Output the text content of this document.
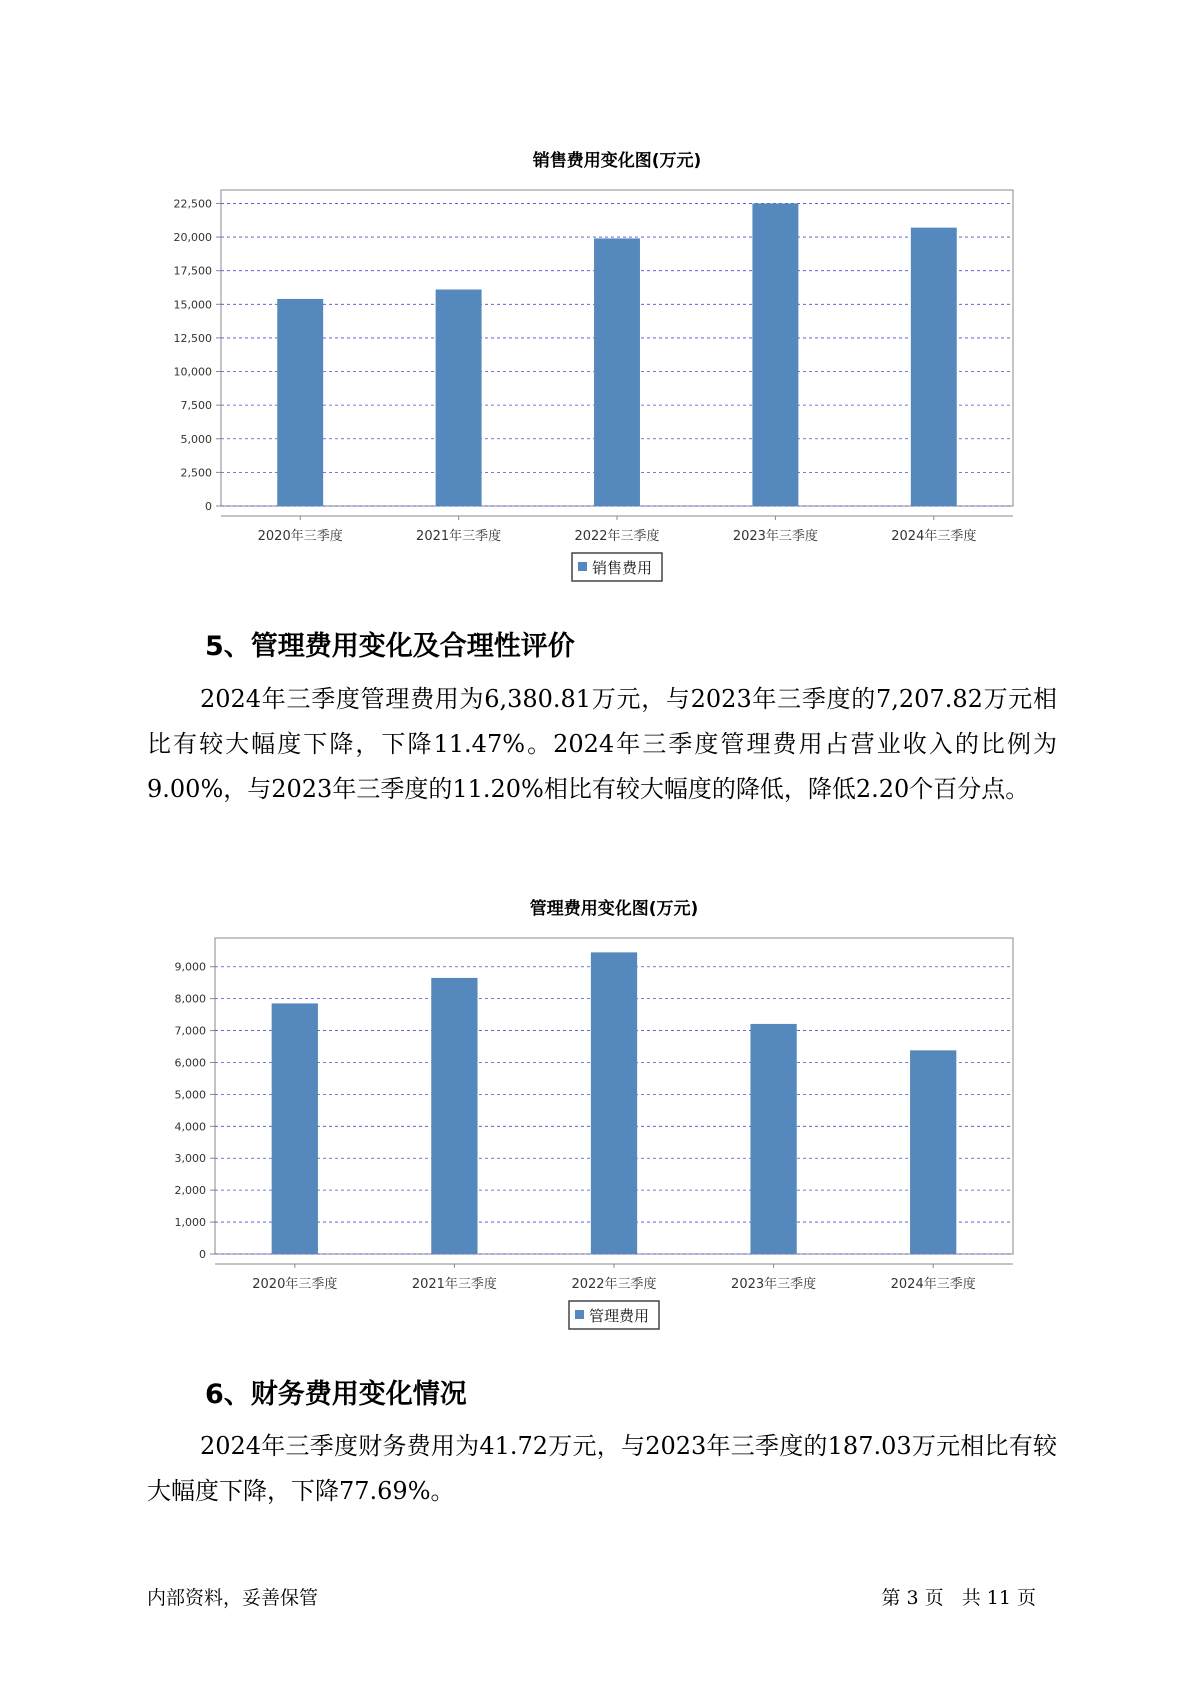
销售费用变化图(万元)
0
2,500
5,000
7,500
10,000
12,500
15,000
17,500
20,000
22,500
2020年三季度	2021年三季度	2022年三季度	2023年三季度	2024年三季度
销售费用
5、管理费用变化及合理性评价

2024年三季度管理费用为6,380.81万元，与2023年三季度的7,207.82万元相比有较大幅度下降，下降11.47%。2024年三季度管理费用占营业收入的比例为9.00%，与2023年三季度的11.20%相比有较大幅度的降低，降低2.20个百分点。

管理费用变化图(万元)
0
1,000
2,000
3,000
4,000
5,000
6,000
7,000
8,000
9,000
2020年三季度	2021年三季度	2022年三季度	2023年三季度	2024年三季度
管理费用
6、财务费用变化情况

2024年三季度财务费用为41.72万元，与2023年三季度的187.03万元相比有较大幅度下降，下降77.69%。

内部资料，妥善保管	第 3 页   共 11 页
